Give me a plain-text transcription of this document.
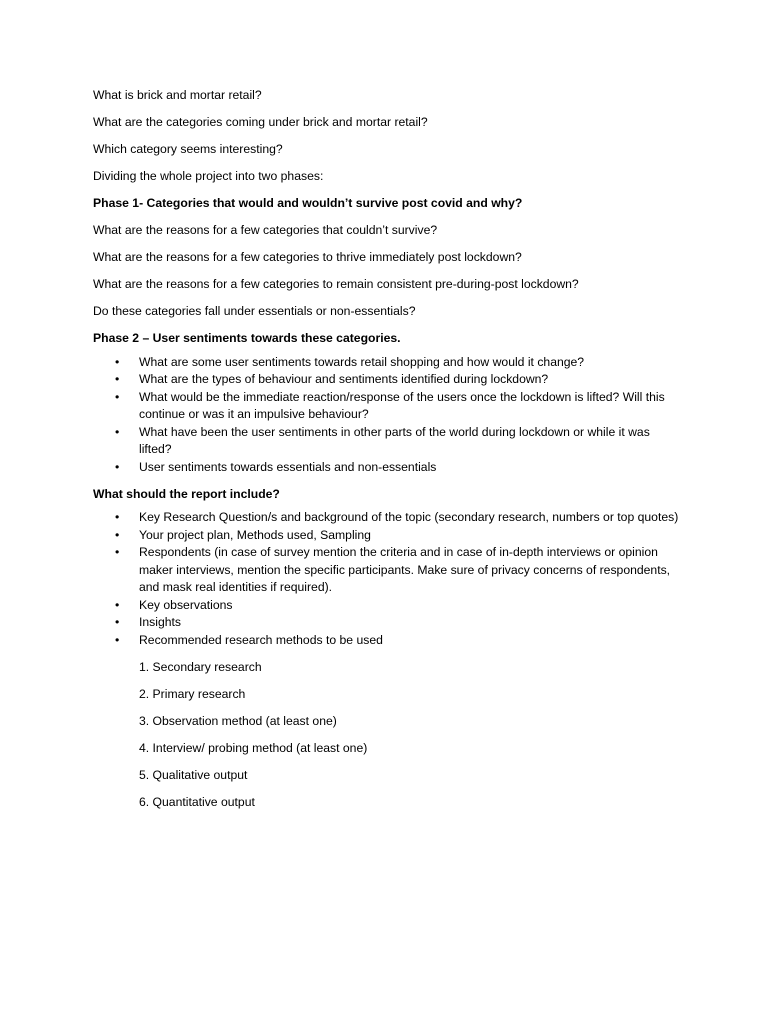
What is brick and mortar retail?

What are the categories coming under brick and mortar retail?

Which category seems interesting?

Dividing the whole project into two phases:

Phase 1- Categories that would and wouldn’t survive post covid and why?

What are the reasons for a few categories that couldn’t survive?

What are the reasons for a few categories to thrive immediately post lockdown?

What are the reasons for a few categories to remain consistent pre-during-post lockdown?

Do these categories fall under essentials or non-essentials?

Phase 2 – User sentiments towards these categories.

• What are some user sentiments towards retail shopping and how would it change?
• What are the types of behaviour and sentiments identified during lockdown?
• What would be the immediate reaction/response of the users once the lockdown is lifted? Will this continue or was it an impulsive behaviour?
• What have been the user sentiments in other parts of the world during lockdown or while it was lifted?
• User sentiments towards essentials and non-essentials

What should the report include?

• Key Research Question/s and background of the topic (secondary research, numbers or top quotes)
• Your project plan, Methods used, Sampling
• Respondents (in case of survey mention the criteria and in case of in-depth interviews or opinion maker interviews, mention the specific participants. Make sure of privacy concerns of respondents, and mask real identities if required).
• Key observations
• Insights
• Recommended research methods to be used
1. Secondary research
2. Primary research
3. Observation method (at least one)
4. Interview/ probing method (at least one)
5. Qualitative output
6. Quantitative output
